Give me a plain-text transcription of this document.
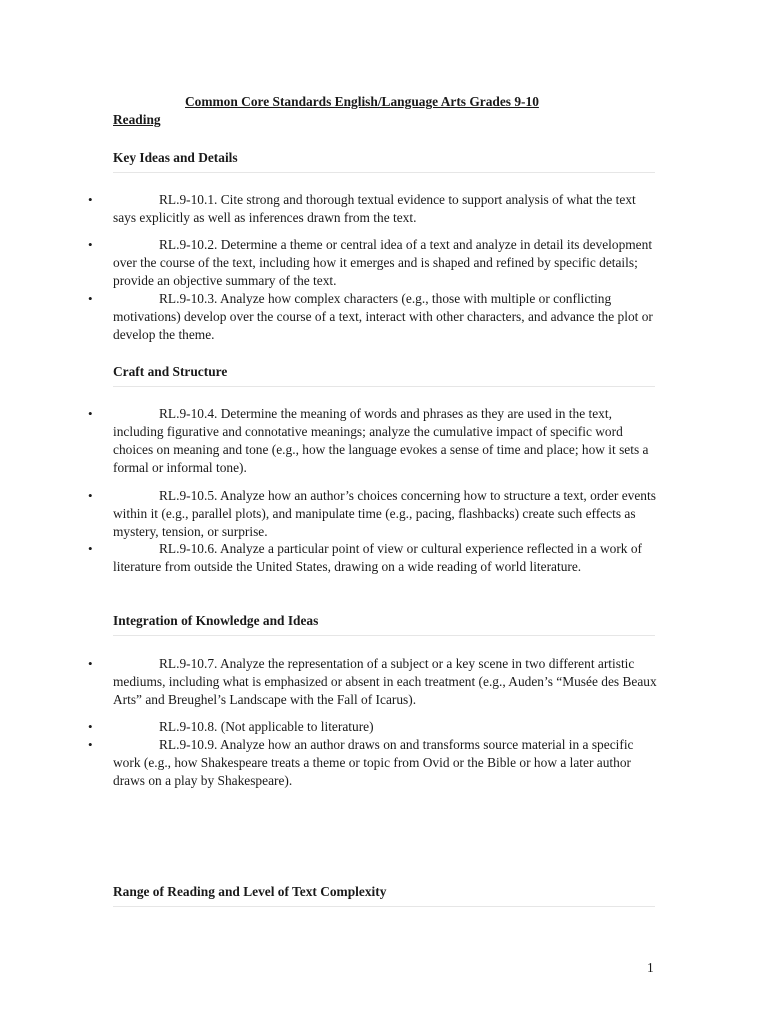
Common Core Standards English/Language Arts Grades 9-10
Reading
Key Ideas and Details
•	RL.9-10.1. Cite strong and thorough textual evidence to support analysis of what the text says explicitly as well as inferences drawn from the text.
•	RL.9-10.2. Determine a theme or central idea of a text and analyze in detail its development over the course of the text, including how it emerges and is shaped and refined by specific details; provide an objective summary of the text.
•	RL.9-10.3. Analyze how complex characters (e.g., those with multiple or conflicting motivations) develop over the course of a text, interact with other characters, and advance the plot or develop the theme.
Craft and Structure
•	RL.9-10.4. Determine the meaning of words and phrases as they are used in the text, including figurative and connotative meanings; analyze the cumulative impact of specific word choices on meaning and tone (e.g., how the language evokes a sense of time and place; how it sets a formal or informal tone).
•	RL.9-10.5. Analyze how an author’s choices concerning how to structure a text, order events within it (e.g., parallel plots), and manipulate time (e.g., pacing, flashbacks) create such effects as mystery, tension, or surprise.
•	RL.9-10.6. Analyze a particular point of view or cultural experience reflected in a work of literature from outside the United States, drawing on a wide reading of world literature.
Integration of Knowledge and Ideas
•	RL.9-10.7. Analyze the representation of a subject or a key scene in two different artistic mediums, including what is emphasized or absent in each treatment (e.g., Auden’s “Musée des Beaux Arts” and Breughel’s Landscape with the Fall of Icarus).
•	RL.9-10.8. (Not applicable to literature)
•	RL.9-10.9. Analyze how an author draws on and transforms source material in a specific work (e.g., how Shakespeare treats a theme or topic from Ovid or the Bible or how a later author draws on a play by Shakespeare).
Range of Reading and Level of Text Complexity
1
